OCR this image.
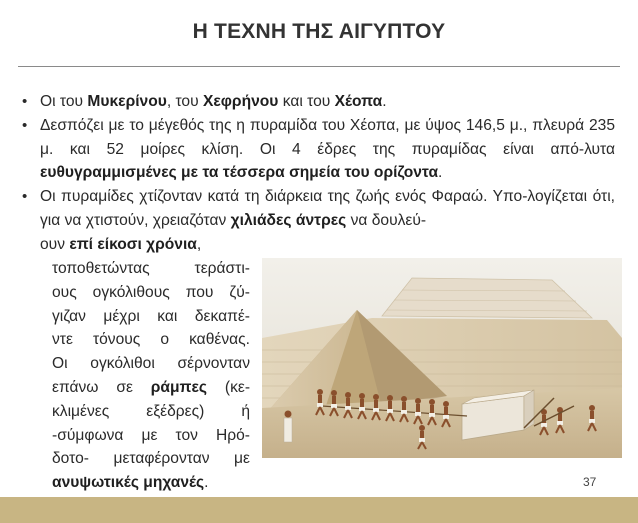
Η ΤΕΧΝΗ ΤΗΣ ΑΙΓΥΠΤΟΥ
• Οι του Μυκερίνου, του Χεφρήνου και του Χέοπα.
• Δεσπόζει με το μέγεθός της η πυραμίδα του Χέοπα, με ύψος 146,5 μ., πλευρά 235 μ. και 52 μοίρες κλίση. Οι 4 έδρες της πυραμίδας είναι από-λυτα ευθυγραμμισμένες με τα τέσσερα σημεία του ορίζοντα.
• Οι πυραμίδες χτίζονταν κατά τη διάρκεια της ζωής ενός Φαραώ. Υπο-λογίζεται ότι, για να χτιστούν, χρειαζόταν χιλιάδες άντρες να δουλεύ-
ουν επί είκοσι χρόνια,
τοποθετώντας τεράστι-
ους ογκόλιθους που ζύ-
γιζαν μέχρι και δεκαπέ-
ντε τόνους ο καθένας.
Οι ογκόλιθοι σέρνονταν
επάνω σε ράμπες (κε-
κλιμένες εξέδρες) ή
-σύμφωνα με τον Ηρό-
δοτο- μεταφέρονταν με
ανυψωτικές μηχανές.	37
